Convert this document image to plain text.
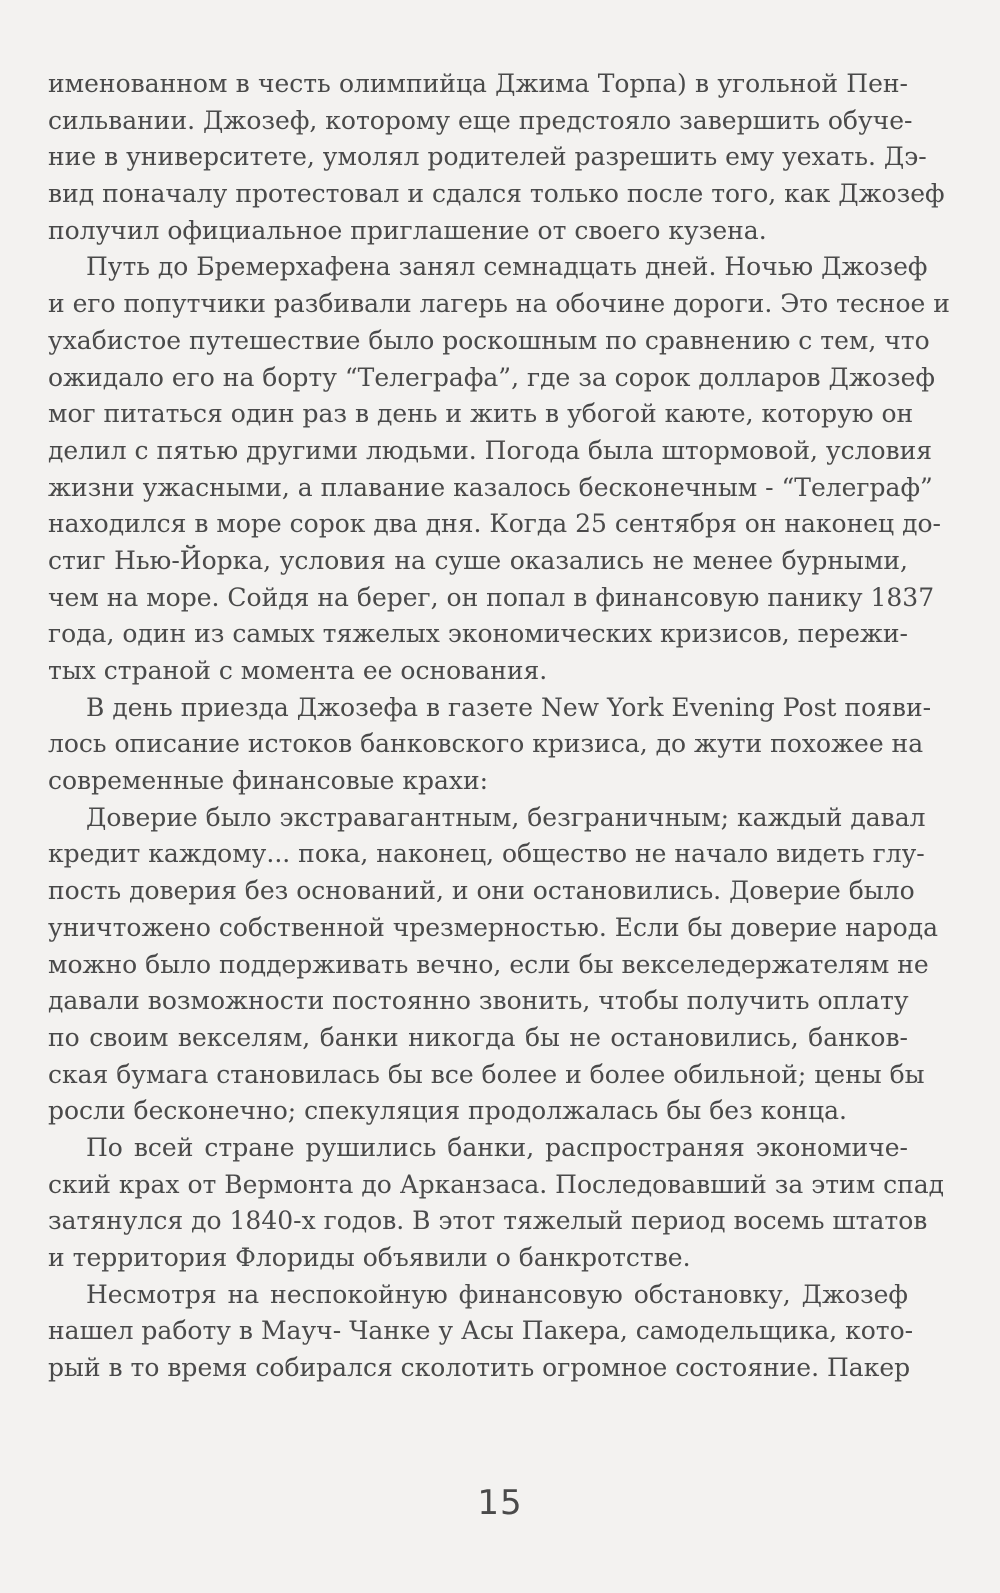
именованном в честь олимпийца Джима Торпа) в угольной Пен-
сильвании. Джозеф, которому еще предстояло завершить обуче-
ние в университете, умолял родителей разрешить ему уехать. Дэ-
вид поначалу протестовал и сдался только после того, как Джозеф
получил официальное приглашение от своего кузена.
Путь до Бремерхафена занял семнадцать дней. Ночью Джозеф
и его попутчики разбивали лагерь на обочине дороги. Это тесное и
ухабистое путешествие было роскошным по сравнению с тем, что
ожидало его на борту “Телеграфа”, где за сорок долларов Джозеф
мог питаться один раз в день и жить в убогой каюте, которую он
делил с пятью другими людьми. Погода была штормовой, условия
жизни ужасными, а плавание казалось бесконечным - “Телеграф”
находился в море сорок два дня. Когда 25 сентября он наконец до-
стиг Нью-Йорка, условия на суше оказались не менее бурными,
чем на море. Сойдя на берег, он попал в финансовую панику 1837
года, один из самых тяжелых экономических кризисов, пережи-
тых страной с момента ее основания.
В день приезда Джозефа в газете New York Evening Post появи-
лось описание истоков банковского кризиса, до жути похожее на
современные финансовые крахи:
Доверие было экстравагантным, безграничным; каждый давал
кредит каждому... пока, наконец, общество не начало видеть глу-
пость доверия без оснований, и они остановились. Доверие было
уничтожено собственной чрезмерностью. Если бы доверие народа
можно было поддерживать вечно, если бы векселедержателям не
давали возможности постоянно звонить, чтобы получить оплату
по своим векселям, банки никогда бы не остановились, банков-
ская бумага становилась бы все более и более обильной; цены бы
росли бесконечно; спекуляция продолжалась бы без конца.
По всей стране рушились банки, распространяя экономиче-
ский крах от Вермонта до Арканзаса. Последовавший за этим спад
затянулся до 1840-х годов. В этот тяжелый период восемь штатов
и территория Флориды объявили о банкротстве.
Несмотря на неспокойную финансовую обстановку, Джозеф
нашел работу в Мауч- Чанке у Асы Пакера, самодельщика, кото-
рый в то время собирался сколотить огромное состояние. Пакер
15
